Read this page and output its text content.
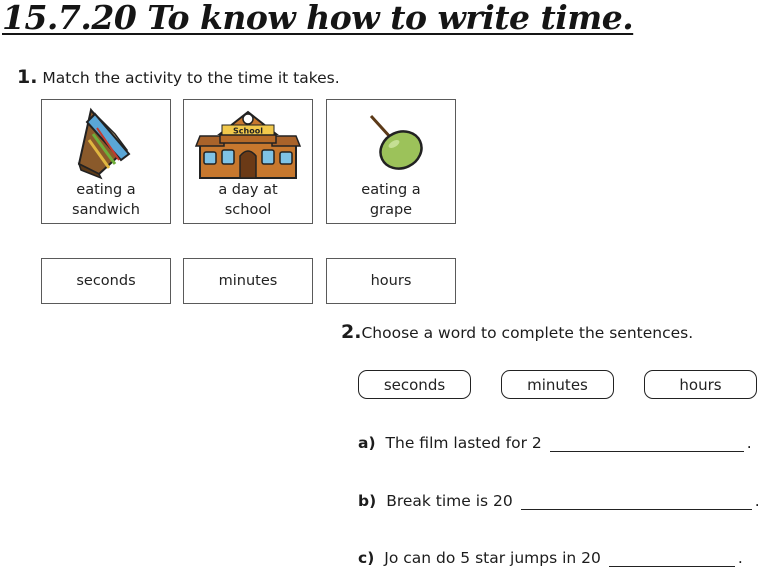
15.7.20 To know how to write time.
1. Match the activity to the time it takes.
eating a
sandwich
School
a day at
school
eating a
grape
seconds	minutes	hours
2.Choose a word to complete the sentences.
seconds	minutes	hours
a) The film lasted for 2	.
b) Break time is 20	.
c) Jo can do 5 star jumps in 20	.
